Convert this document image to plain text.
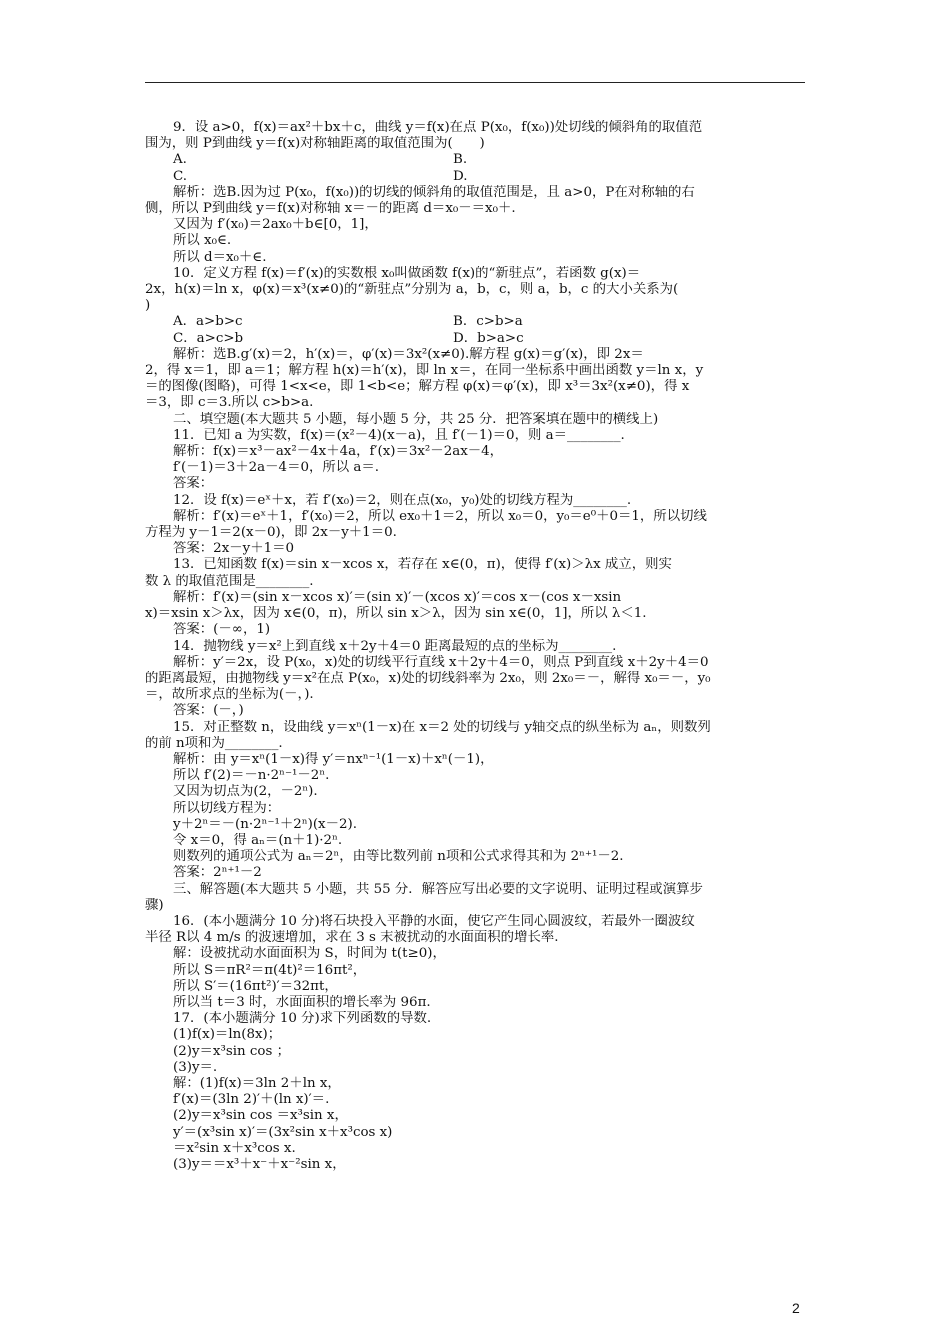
9．设 a>0，f(x)＝ax²＋bx＋c，曲线 y＝f(x)在点 P(x₀，f(x₀))处切线的倾斜角的取值范
围为，则 P到曲线 y＝f(x)对称轴距离的取值范围为(　　)
A.	B.
C.	D.
解析：选B.因为过 P(x₀，f(x₀))的切线的倾斜角的取值范围是，且 a>0，P在对称轴的右
侧，所以 P到曲线 y＝f(x)对称轴 x＝－的距离 d＝x₀－＝x₀＋.
又因为 f′(x₀)＝2ax₀＋b∈[0，1]，
所以 x₀∈.
所以 d＝x₀＋∈.
10．定义方程 f(x)＝f′(x)的实数根 x₀叫做函数 f(x)的“新驻点”，若函数 g(x)＝
2x，h(x)＝ln x，φ(x)＝x³(x≠0)的“新驻点”分别为 a，b，c，则 a，b，c 的大小关系为(
)
A．a>b>c	B．c>b>a
C．a>c>b	D．b>a>c
解析：选B.g′(x)＝2，h′(x)＝，φ′(x)＝3x²(x≠0).解方程 g(x)＝g′(x)，即 2x＝
2，得 x＝1，即 a＝1；解方程 h(x)＝h′(x)，即 ln x＝，在同一坐标系中画出函数 y＝ln x，y
＝的图像(图略)，可得 1<x<e，即 1<b<e；解方程 φ(x)＝φ′(x)，即 x³＝3x²(x≠0)，得 x
＝3，即 c＝3.所以 c>b>a.
二、填空题(本大题共 5 小题，每小题 5 分，共 25 分．把答案填在题中的横线上)
11．已知 a 为实数，f(x)＝(x²－4)(x－a)，且 f′(－1)＝0，则 a＝________.
解析：f(x)＝x³－ax²－4x＋4a，f′(x)＝3x²－2ax－4，
f′(－1)＝3＋2a－4＝0，所以 a＝.
答案：
12．设 f(x)＝eˣ＋x，若 f′(x₀)＝2，则在点(x₀，y₀)处的切线方程为________.
解析：f′(x)＝eˣ＋1，f′(x₀)＝2，所以 ex₀＋1＝2，所以 x₀＝0，y₀＝e⁰＋0＝1，所以切线
方程为 y－1＝2(x－0)，即 2x－y＋1＝0.
答案：2x－y＋1＝0
13．已知函数 f(x)＝sin x－xcos x，若存在 x∈(0，π)，使得 f′(x)＞λx 成立，则实
数 λ 的取值范围是________.
解析：f′(x)＝(sin x－xcos x)′＝(sin x)′－(xcos x)′＝cos x－(cos x－xsin
x)＝xsin x＞λx，因为 x∈(0，π)，所以 sin x＞λ，因为 sin x∈(0，1]，所以 λ＜1.
答案：(－∞，1)
14．抛物线 y＝x²上到直线 x＋2y＋4＝0 距离最短的点的坐标为________.
解析：y′＝2x，设 P(x₀，x)处的切线平行直线 x＋2y＋4＝0，则点 P到直线 x＋2y＋4＝0
的距离最短，由抛物线 y＝x²在点 P(x₀，x)处的切线斜率为 2x₀，则 2x₀＝－，解得 x₀＝－，y₀
＝，故所求点的坐标为(－，).
答案：(－，)
15．对正整数 n，设曲线 y＝xⁿ(1－x)在 x＝2 处的切线与 y轴交点的纵坐标为 aₙ，则数列
的前 n项和为________.
解析：由 y＝xⁿ(1－x)得 y′＝nxⁿ⁻¹(1－x)＋xⁿ(－1)，
所以 f′(2)＝－n·2ⁿ⁻¹－2ⁿ.
又因为切点为(2，－2ⁿ).
所以切线方程为：
y＋2ⁿ＝－(n·2ⁿ⁻¹＋2ⁿ)(x－2).
令 x＝0，得 aₙ＝(n＋1)·2ⁿ.
则数列的通项公式为 aₙ＝2ⁿ，由等比数列前 n项和公式求得其和为 2ⁿ⁺¹－2.
答案：2ⁿ⁺¹－2
三、解答题(本大题共 5 小题，共 55 分．解答应写出必要的文字说明、证明过程或演算步
骤)
16．(本小题满分 10 分)将石块投入平静的水面，使它产生同心圆波纹，若最外一圈波纹
半径 R以 4 m/s 的波速增加，求在 3 s 末被扰动的水面面积的增长率.
解：设被扰动水面面积为 S，时间为 t(t≥0)，
所以 S＝πR²＝π(4t)²＝16πt²，
所以 S′＝(16πt²)′＝32πt，
所以当 t＝3 时，水面面积的增长率为 96π.
17．(本小题满分 10 分)求下列函数的导数.
(1)f(x)＝ln(8x)；
(2)y＝x³sin cos ；
(3)y＝.
解：(1)f(x)＝3ln 2＋ln x，
f′(x)＝(3ln 2)′＋(ln x)′＝.
(2)y＝x³sin cos ＝x³sin x，
y′＝(x³sin x)′＝(3x²sin x＋x³cos x)
＝x²sin x＋x³cos x.
(3)y＝＝x³＋x⁻＋x⁻²sin x，
2
